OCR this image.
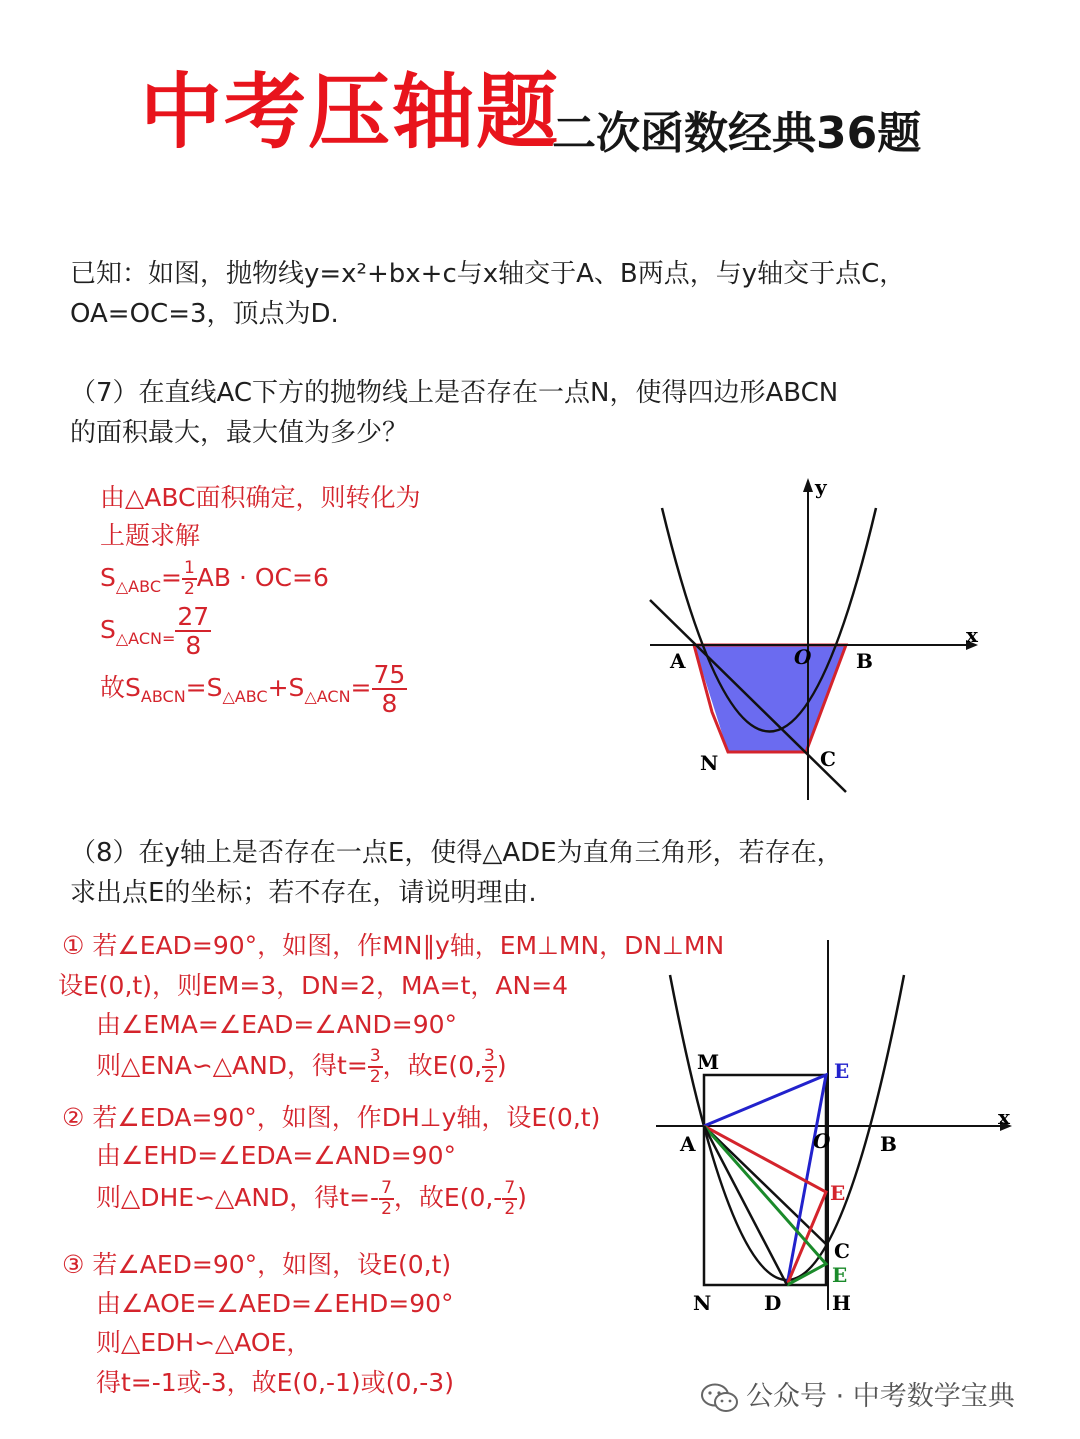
中考压轴题
二次函数经典36题
已知：如图，抛物线y=x²+bx+c与x轴交于A、B两点，与y轴交于点C，
OA=OC=3，顶点为D.
（7）在直线AC下方的抛物线上是否存在一点N，使得四边形ABCN
的面积最大，最大值为多少？
由△ABC面积确定，则转化为
上题求解
$S_{\triangle ABC}= \frac{1}{2}$ AB · OC=6
$S_{\triangle ACN=} \frac{27}{8}$
故$S_{ABCN}=S_{\triangle ABC}+S_{\triangle ACN}= \frac{75}{8}$
y
x
A	O B
N	C
M	E
x
A	O B
E
C
E
N	D	H
（8）在y轴上是否存在一点E，使得△ADE为直角三角形，若存在，
求出点E的坐标；若不存在，请说明理由.
① 若∠EAD=90°，如图，作MN∥y轴，EM⊥MN，DN⊥MN
设E(0,t)，则EM=3，DN=2，MA=t，AN=4
由∠EMA=∠EAD=∠AND=90°
则△ENA∽△AND，得$t= \frac{3}{2}$ ，故E(0, $\frac{3}{2}$ )
② 若∠EDA=90°，如图，作DH⊥y轴，设E(0,t)
由∠EHD=∠EDA=∠AND=90°
则△DHE∽△AND，得$t=- \frac{7}{2}$ ，故$E(0,- \frac{7}{2}$ )
③ 若∠AED=90°，如图，设E(0,t)
由∠AOE=∠AED=∠EHD=90°
则△EDH∽△AOE，
得t=-1或-3，故E(0,-1)或(0,-3)	公众号 · 中考数学宝典
